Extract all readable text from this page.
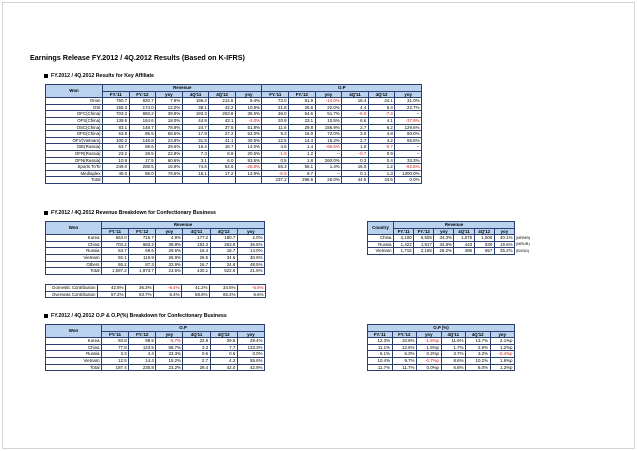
Earnings Release FY.2012 / 4Q.2012 Results (Based on K-IFRS)
FY.2012 / 4Q.2012 Results for Key Affiliate
Won	Revenue						O.P					
	FY.'11	FY.'12	yoy	4Q'11	4Q'12	yoy	FY.'11	FY.'12	yoy	4Q'11	4Q'12	yoy
Orion	760.7	820.7	7.9%	196.2	214.6	9.4%	72.0	61.9	-14.0%	18.4	24.1	31.0%
OSI	155.3	174.0	12.0%	38.1	42.2	10.8%	21.8	26.6	22.0%	4.4	5.4	22.7%
OFC(China)	703.2	983.2	39.8%	193.3	263.8	36.5%	36.0	54.6	51.7%	-6.0	-7.4	--
OFS(China)	139.5	164.6	18.0%	44.9	43.1	-4.0%	20.9	23.1	10.5%	6.6	4.1	-37.9%
OSC(China)	83.1	148.7	78.9%	24.7	37.5	51.8%	11.6	29.8	156.9%	2.7	6.2	129.6%
OFG(China)	53.9	85.5	58.6%	17.9	27.2	52.0%	9.3	16.0	72.0%	3.0	4.8	60.0%
OFV(Vietnam)	100.2	148.8	23.8%	31.5	41.1	30.5%	12.5	14.4	15.2%	2.7	4.2	55.6%
OIE(Russia)	53.7	69.6	29.6%	16.4	18.7	14.0%	4.6	1.4	-69.6%	1.0	-0.7	--
OFR(Russia)	23.2	28.5	22.8%	7.3	8.8	20.5%	-1.8	1.2	--	-0.7	0.9	--
OFN(Russia)	10.9	17.5	60.6%	3.1	6.0	93.5%	0.5	1.8	260.0%	0.3	0.4	33.3%
Sports ToTo	249.0	288.5	15.9%	74.6	54.6	-26.8%	55.3	56.1	1.4%	16.0	1.2	-92.5%
Mediaplex	49.0	88.0	79.6%	15.1	17.2	13.9%	-5.5	9.7	--	0.1	1.3	1200.0%
Total							237.2	296.6	25.0%	44.5	44.5	0.0%
FY.2012 / 4Q.2012 Revenue Breakdown for Confectionary Business
Won	Revenue					
	FY.'11	FY.'12	yoy	4Q'11	4Q'12	yoy
Korea	663.0	716.7	4.9%	177.2	180.7	2.0%
China	703.2	983.2	39.8%	193.3	263.8	36.5%
Russia	53.7	69.6	29.6%	16.4	18.7	14.0%
Vietnam	92.1	116.9	26.9%	26.5	34.6	30.6%
Others	65.2	87.3	33.9%	16.7	24.8	48.5%
Total	1,597.2	1,973.7	23.6%	430.1	522.6	21.5%
Domestic Contribution	42.8%	36.3%	-6.4%	41.2%	34.6%	-6.6%
Overseas Contribution	57.2%	63.7%	6.4%	58.8%	65.4%	6.6%
Country	Revenue					
	FY.'11	FY.'12	yoy	4Q'11	4Q'12	yoy
China	4,100	5,505	34.3%	1,075	1,506	40.1%
Russia	1,422	1,917	34.8%	443	530	19.6%
Vietnam	1,715	2,165	26.2%	486	657	35.2%
FY.2012 / 4Q.2012 O.P & O.P(%) Breakdown for Confectionary Business
Won	O.P					
	FY.'11	FY.'12	yoy	4Q'11	4Q'12	yoy
Korea	93.8	88.5	-5.7%	22.8	29.5	29.4%
China	77.8	123.5	58.7%	3.3	7.7	133.3%
Russia	3.3	4.4	33.3%	0.6	0.6	0.0%
Vietnam	12.5	14.4	15.2%	2.7	4.2	55.6%
Total	187.4	230.8	23.2%	29.4	42.0	42.9%
O.P (%)					
FY.'11	FY.'12	yoy	4Q'11	4Q'12	yoy
12.3%	10.8%	-1.5%p	11.6%	13.7%	2.1%p
11.1%	12.6%	1.5%p	1.7%	2.9%	1.2%p
6.1%	6.3%	0.2%p	3.7%	3.2%	-0.4%p
10.4%	9.7%	-0.7%p	8.6%	10.2%	1.6%p
11.7%	11.7%	0.0%p	6.8%	8.0%	1.2%p
(MRMB)
(MRUB)
(BVND)
